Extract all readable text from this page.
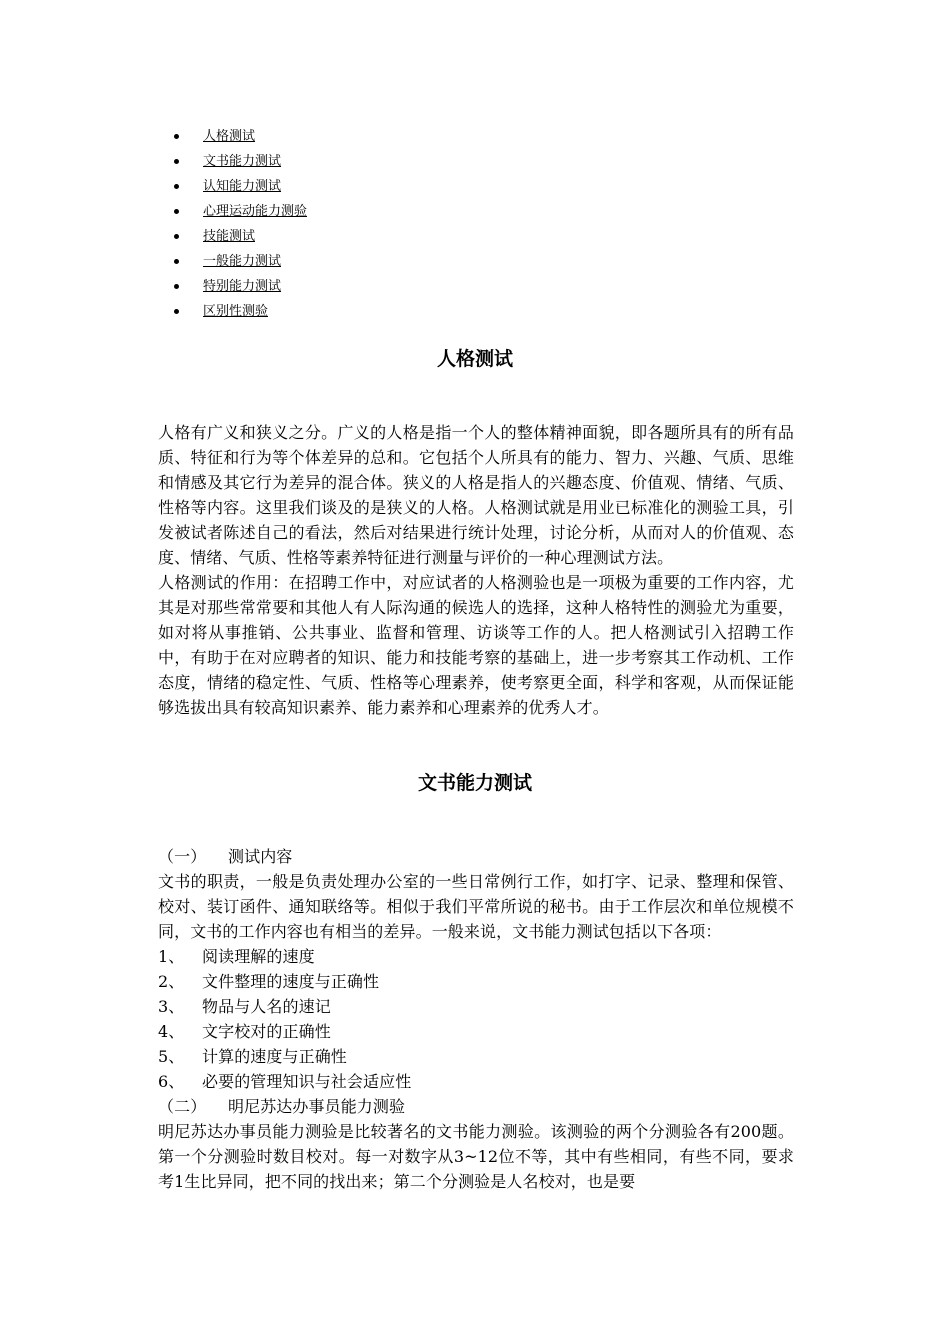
人格测试
文书能力测试
认知能力测试
心理运动能力测验
技能测试
一般能力测试
特别能力测试
区别性测验
人格测试

人格有广义和狭义之分。广义的人格是指一个人的整体精神面貌，即各题所具有的所有品质、特征和行为等个体差异的总和。它包括个人所具有的能力、智力、兴趣、气质、思维和情感及其它行为差异的混合体。狭义的人格是指人的兴趣态度、价值观、情绪、气质、性格等内容。这里我们谈及的是狭义的人格。人格测试就是用业已标准化的测验工具，引发被试者陈述自己的看法，然后对结果进行统计处理，讨论分析，从而对人的价值观、态度、情绪、气质、性格等素养特征进行测量与评价的一种心理测试方法。

人格测试的作用：在招聘工作中，对应试者的人格测验也是一项极为重要的工作内容，尤其是对那些常常要和其他人有人际沟通的候选人的选择，这种人格特性的测验尤为重要，如对将从事推销、公共事业、监督和管理、访谈等工作的人。把人格测试引入招聘工作中，有助于在对应聘者的知识、能力和技能考察的基础上，进一步考察其工作动机、工作态度，情绪的稳定性、气质、性格等心理素养，使考察更全面，科学和客观，从而保证能够选拔出具有较高知识素养、能力素养和心理素养的优秀人才。

文书能力测试

（一） 测试内容

文书的职责，一般是负责处理办公室的一些日常例行工作，如打字、记录、整理和保管、校对、装订函件、通知联络等。相似于我们平常所说的秘书。由于工作层次和单位规模不同，文书的工作内容也有相当的差异。一般来说，文书能力测试包括以下各项：

1、 阅读理解的速度

2、 文件整理的速度与正确性

3、 物品与人名的速记

4、 文字校对的正确性

5、 计算的速度与正确性

6、 必要的管理知识与社会适应性

（二） 明尼苏达办事员能力测验

明尼苏达办事员能力测验是比较著名的文书能力测验。该测验的两个分测验各有200题。第一个分测验时数目校对。每一对数字从3~12位不等，其中有些相同，有些不同，要求考1生比异同，把不同的找出来；第二个分测验是人名校对，也是要
